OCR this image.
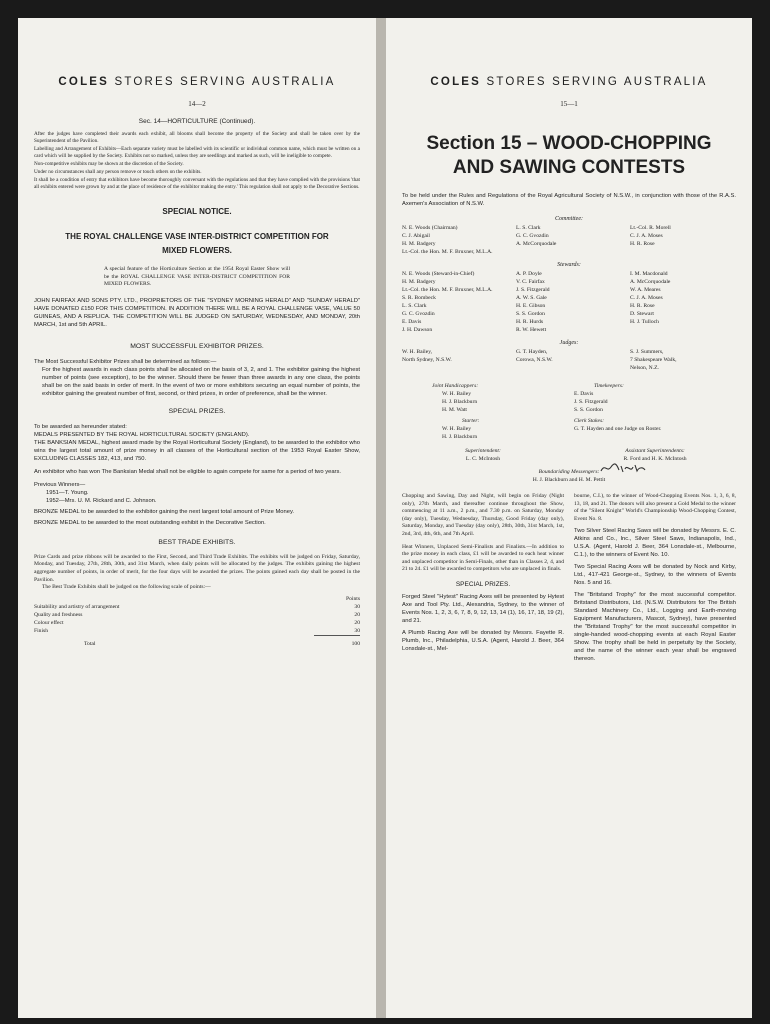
COLES STORES SERVING AUSTRALIA
14—2
Sec. 14—HORTICULTURE (Continued).

After the judges have completed their awards each exhibit, all blooms shall become the property of the Society and shall be taken over by the Superintendent of the Pavilion.

Labelling and Arrangement of Exhibits—Each separate variety must be labelled with its scientific or individual common name, which must be written on a card which will be supplied by the Society. Exhibits not so marked, unless they are seedlings and marked as such, will be ineligible to compete.

Non-competitive exhibits may be shown at the discretion of the Society.

Under no circumstances shall any person remove or touch others on the exhibits.

It shall be a condition of entry that exhibitors have become thoroughly conversant with the regulations and that they have complied with the provisions 'that all exhibits entered were grown by and at the place of residence of the exhibitor making the entry.' This regulation shall not apply to the Decorative Sections.

SPECIAL NOTICE.
THE ROYAL CHALLENGE VASE INTER-DISTRICT COMPETITION FOR MIXED FLOWERS.
A special feature of the Horticulture Section at the 1954 Royal Easter Show will be the ROYAL CHALLENGE VASE INTER-DISTRICT COMPETITION FOR MIXED FLOWERS.
JOHN FAIRFAX AND SONS PTY. LTD., PROPRIETORS OF THE "SYDNEY MORNING HERALD" AND "SUNDAY HERALD" HAVE DONATED £150 FOR THIS COMPETITION. IN ADDITION THERE WILL BE A ROYAL CHALLENGE VASE, VALUE 50 GUINEAS, AND A REPLICA. THE COMPETITION WILL BE JUDGED ON SATURDAY, WEDNESDAY, AND MONDAY, 20th MARCH, 1st and 5th APRIL.
MOST SUCCESSFUL EXHIBITOR PRIZES.
The Most Successful Exhibitor Prizes shall be determined as follows:—
For the highest awards in each class points shall be allocated on the basis of 3, 2, and 1. The exhibitor gaining the highest number of points (see exception), to be the winner. Should there be fewer than three awards in any one class, the points shall be on the said basis in order of merit. In the event of two or more exhibitors securing an equal number of points, the exhibitor gaining the greatest number of first, second, or third prizes, in order of preference, shall be the winner.
SPECIAL PRIZES.
To be awarded as hereunder stated:
MEDALS PRESENTED BY THE ROYAL HORTICULTURAL SOCIETY (ENGLAND).
THE BANKSIAN MEDAL, highest award made by the Royal Horticultural Society (England), to be awarded to the exhibitor who wins the largest total amount of prize money in all classes of the Horticultural section of the 1953 Royal Easter Show, EXCLUDING CLASSES 182, 413, and 750.
An exhibitor who has won The Banksian Medal shall not be eligible to again compete for same for a period of two years.
Previous Winners—
1951—T. Young.
1952—Mrs. U. M. Rickard and C. Johnson.
BRONZE MEDAL to be awarded to the exhibitor gaining the next largest total amount of Prize Money.
BRONZE MEDAL to be awarded to the most outstanding exhibit in the Decorative Section.
BEST TRADE EXHIBITS.
Prize Cards and prize ribbons will be awarded to the First, Second, and Third Trade Exhibits. The exhibits will be judged on Friday, Saturday, Monday, and Tuesday, 27th, 28th, 30th, and 31st March, when daily points will be allocated by the judges. The exhibits gaining the highest aggregate number of points, in order of merit, for the four days will be awarded the prizes. The points gained each day shall be posted in the Pavilion.
The Best Trade Exhibits shall be judged on the following scale of points:—
	Points
Suitability and artistry of arrangement	30
Quality and freshness	20
Colour effect	20
Finish	30
Total	100
COLES STORES SERVING AUSTRALIA
15—1
Section 15 – WOOD-CHOPPING
AND SAWING CONTESTS
To be held under the Rules and Regulations of the Royal Agricultural Society of N.S.W., in conjunction with those of the R.A.S. Axemen's Association of N.S.W.
Committee:
N. E. Woods (Chairman)	L. S. Clark	Lt.-Col. R. Morell
C. J. Abigail	G. C. Gvozdin	C. J. A. Moses
H. M. Badgery	A. McCorquodale	H. R. Rose
Lt.-Col. the Hon. M. F. Bruxner, M.L.A.
Stewards:
N. E. Woods (Steward-in-Chief)	A. P. Doyle	I. M. Macdonald
H. M. Badgery	V. C. Fairfax	A. McCorquodale
Lt.-Col. the Hon. M. F. Bruxner, M.L.A.	J. S. Fitzgerald	W. A. Meares
S. R. Bombeck	A. W. S. Gale	C. J. A. Moses
L. S. Clark	H. E. Gibson	H. R. Rose
G. C. Gvozdin	S. S. Gordon	D. Stewart
E. Davis	H. R. Hurds	H. J. Tulloch
J. H. Dawson	R. W. Hewett
Judges:
W. H. Bailey,	G. T. Hayden,	S. J. Summers,
North Sydney, N.S.W.	Corowa, N.S.W.	7 Shakespeare Walk,
Nelson, N.Z.
Joint Handicappers:
W. H. Bailey
H. J. Blackburn
H. M. Watt
Starter:
W. H. Bailey
H. J. Blackburn
Timekeepers:
E. Davis
J. S. Fitzgerald
S. S. Gordon
Clerk Stakes:
G. T. Hayden and one Judge on Roster.
Superintendent:
L. C. McIntosh
Assistant Superintendents:
R. Ford and H. K. McIntosh
Boundariding Messengers:
H. J. Blackburn and H. M. Pettit
Chopping and Sawing, Day and Night, will begin on Friday (Night only), 27th March, and thereafter continue throughout the Show, commencing at 11 a.m., 2 p.m., and 7.30 p.m. on Saturday, Monday (day only), Tuesday, Wednesday, Thursday, Good Friday (day only), Saturday, Monday, and Tuesday (day only), 28th, 30th, 31st March, 1st, 2nd, 3rd, 4th, 6th, and 7th April.
Heat Winners, Unplaced Semi-Finalists and Finalists.—In addition to the prize money in each class, £1 will be awarded to each heat winner and unplaced competitor in Semi-Finals, other than in Classes 2, 4, and 21 to 24. £1 will be awarded to competitors who are unplaced in finals.
SPECIAL PRIZES.
Forged Steel "Hytest" Racing Axes will be presented by Hytest Axe and Tool Pty. Ltd., Alexandria, Sydney, to the winner of Events Nos. 1, 2, 3, 6, 7, 8, 9, 12, 13, 14 (1), 16, 17, 18, 19 (2), and 21.
A Plumb Racing Axe will be donated by Messrs. Fayette R. Plumb, Inc., Philadelphia, U.S.A. (Agent, Harold J. Beer, 364 Lonsdale-st., Mel-
bourne, C.I.), to the winner of Wood-Chopping Events Nos. 1, 3, 6, 8, 13, 18, and 21. The donors will also present a Gold Medal to the winner of the "Silent Knight" World's Championship Wood-Chopping Contest, Event No. 8.
Two Silver Steel Racing Saws will be donated by Messrs. E. C. Atkins and Co., Inc., Silver Steel Saws, Indianapolis, Ind., U.S.A. (Agent, Harold J. Beer, 364 Lonsdale-st., Melbourne, C.1.), to the winners of Event No. 10.
Two Special Racing Axes will be donated by Nock and Kirby, Ltd., 417-421 George-st., Sydney, to the winners of Events Nos. 5 and 16.
The "Britstand Trophy" for the most successful competitor. Britstand Distributors, Ltd. (N.S.W. Distributors for The British Standard Machinery Co., Ltd., Logging and Earth-moving Equipment Manufacturers, Mascot, Sydney), have presented the "Britstand Trophy" for the most successful competitor in single-handed wood-chopping events at each Royal Easter Show. The trophy shall be held in perpetuity by the Society, and the name of the winner each year shall be engraved thereon.
